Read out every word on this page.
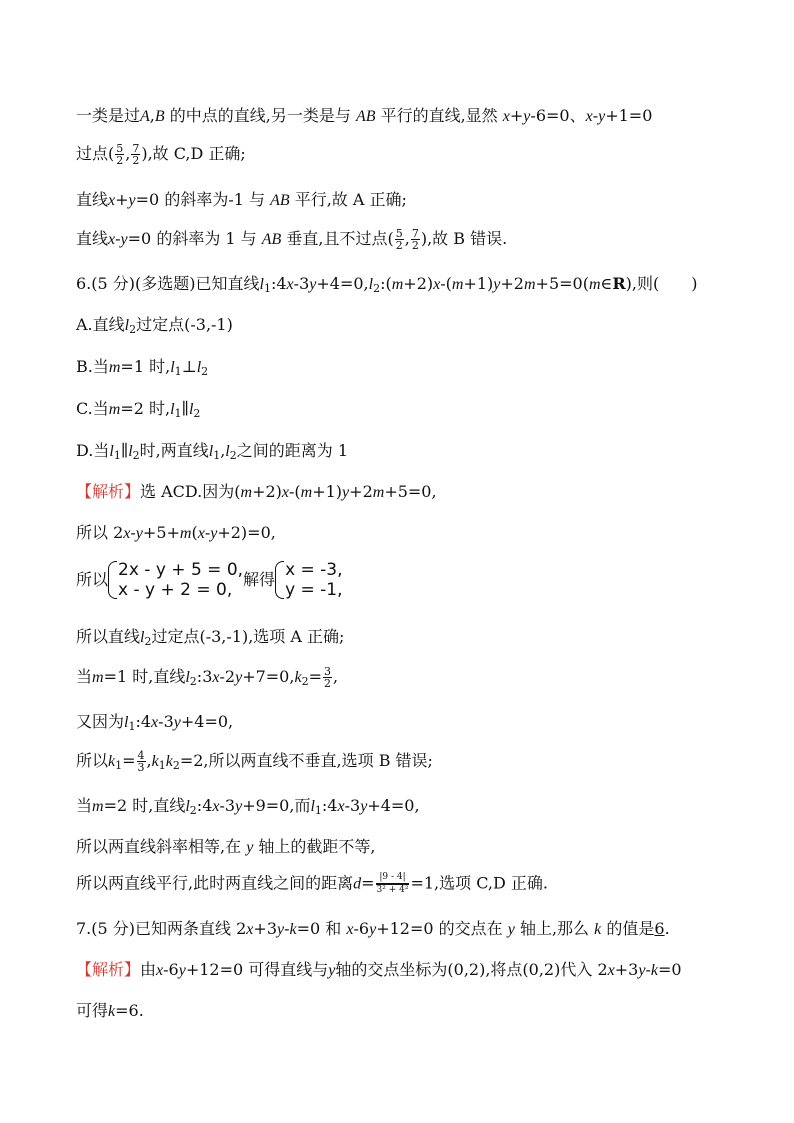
一类是过A,B 的中点的直线,另一类是与 AB 平行的直线,显然 x+y-6=0、x-y+1=0
过点( $\frac{5}{2}$ , $\frac{7}{2}$ ),故 C,D 正确;
直线x+y=0 的斜率为-1 与 AB 平行,故 A 正确;
直线x-y=0 的斜率为 1 与 AB 垂直,且不过点( $\frac{5}{2}$ , $\frac{7}{2}$ ),故 B 错误.
6.(5 分)(多选题)已知直线$l_1:4x-3y+4=0,l_2:(m+2)x-(m+1)y+2m+5=0(m\in R)$,则( )
A.直线$l_2$过定点(-3,-1)
B.当m=1 时$,l_1\perp l_2$
C.当m=2 时$,l_1\parallel l_2$
D.当$l_1\parallel l_2$时,两直线$l_1,l_2$之间的距离为 1
【解析】选 ACD.因为(m+2)x-(m+1)y+2m+5=0,
所以 2x-y+5+m(x-y+2)=0,
所以 2x - y + 5 = 0,
x - y + 2 = 0,
解得 x = -3,
y = -1,
所以直线$l_2$过定点(-3,-1),选项 A 正确;
当m=1 时,直线$l_2:3x-2y+7=0,k_2= \frac{3}{2}$ ,
又因为$l_1:4x-3y+4=0$,
所以$k_1= \frac{4}{3} ,k_1k_2=2$,所以两直线不垂直,选项 B 错误;
当m=2 时,直线$l_2:4x-3y+9=0$,而$l_1:4x-3y+4=0$,
所以两直线斜率相等,在 y 轴上的截距不等,
所以两直线平行,此时两直线之间的距离$d= \frac{|9 - 4|}{\text{3² + 4²}} =1$,选项 C,D 正确.
7.(5 分)已知两条直线 2x+3y-k=0 和 x-6y+12=0 的交点在 y 轴上,那么 k 的值是6.
【解析】由x-6y+12=0 可得直线与y轴的交点坐标为(0,2),将点(0,2)代入 2x+3y-k=0
可得k=6.
